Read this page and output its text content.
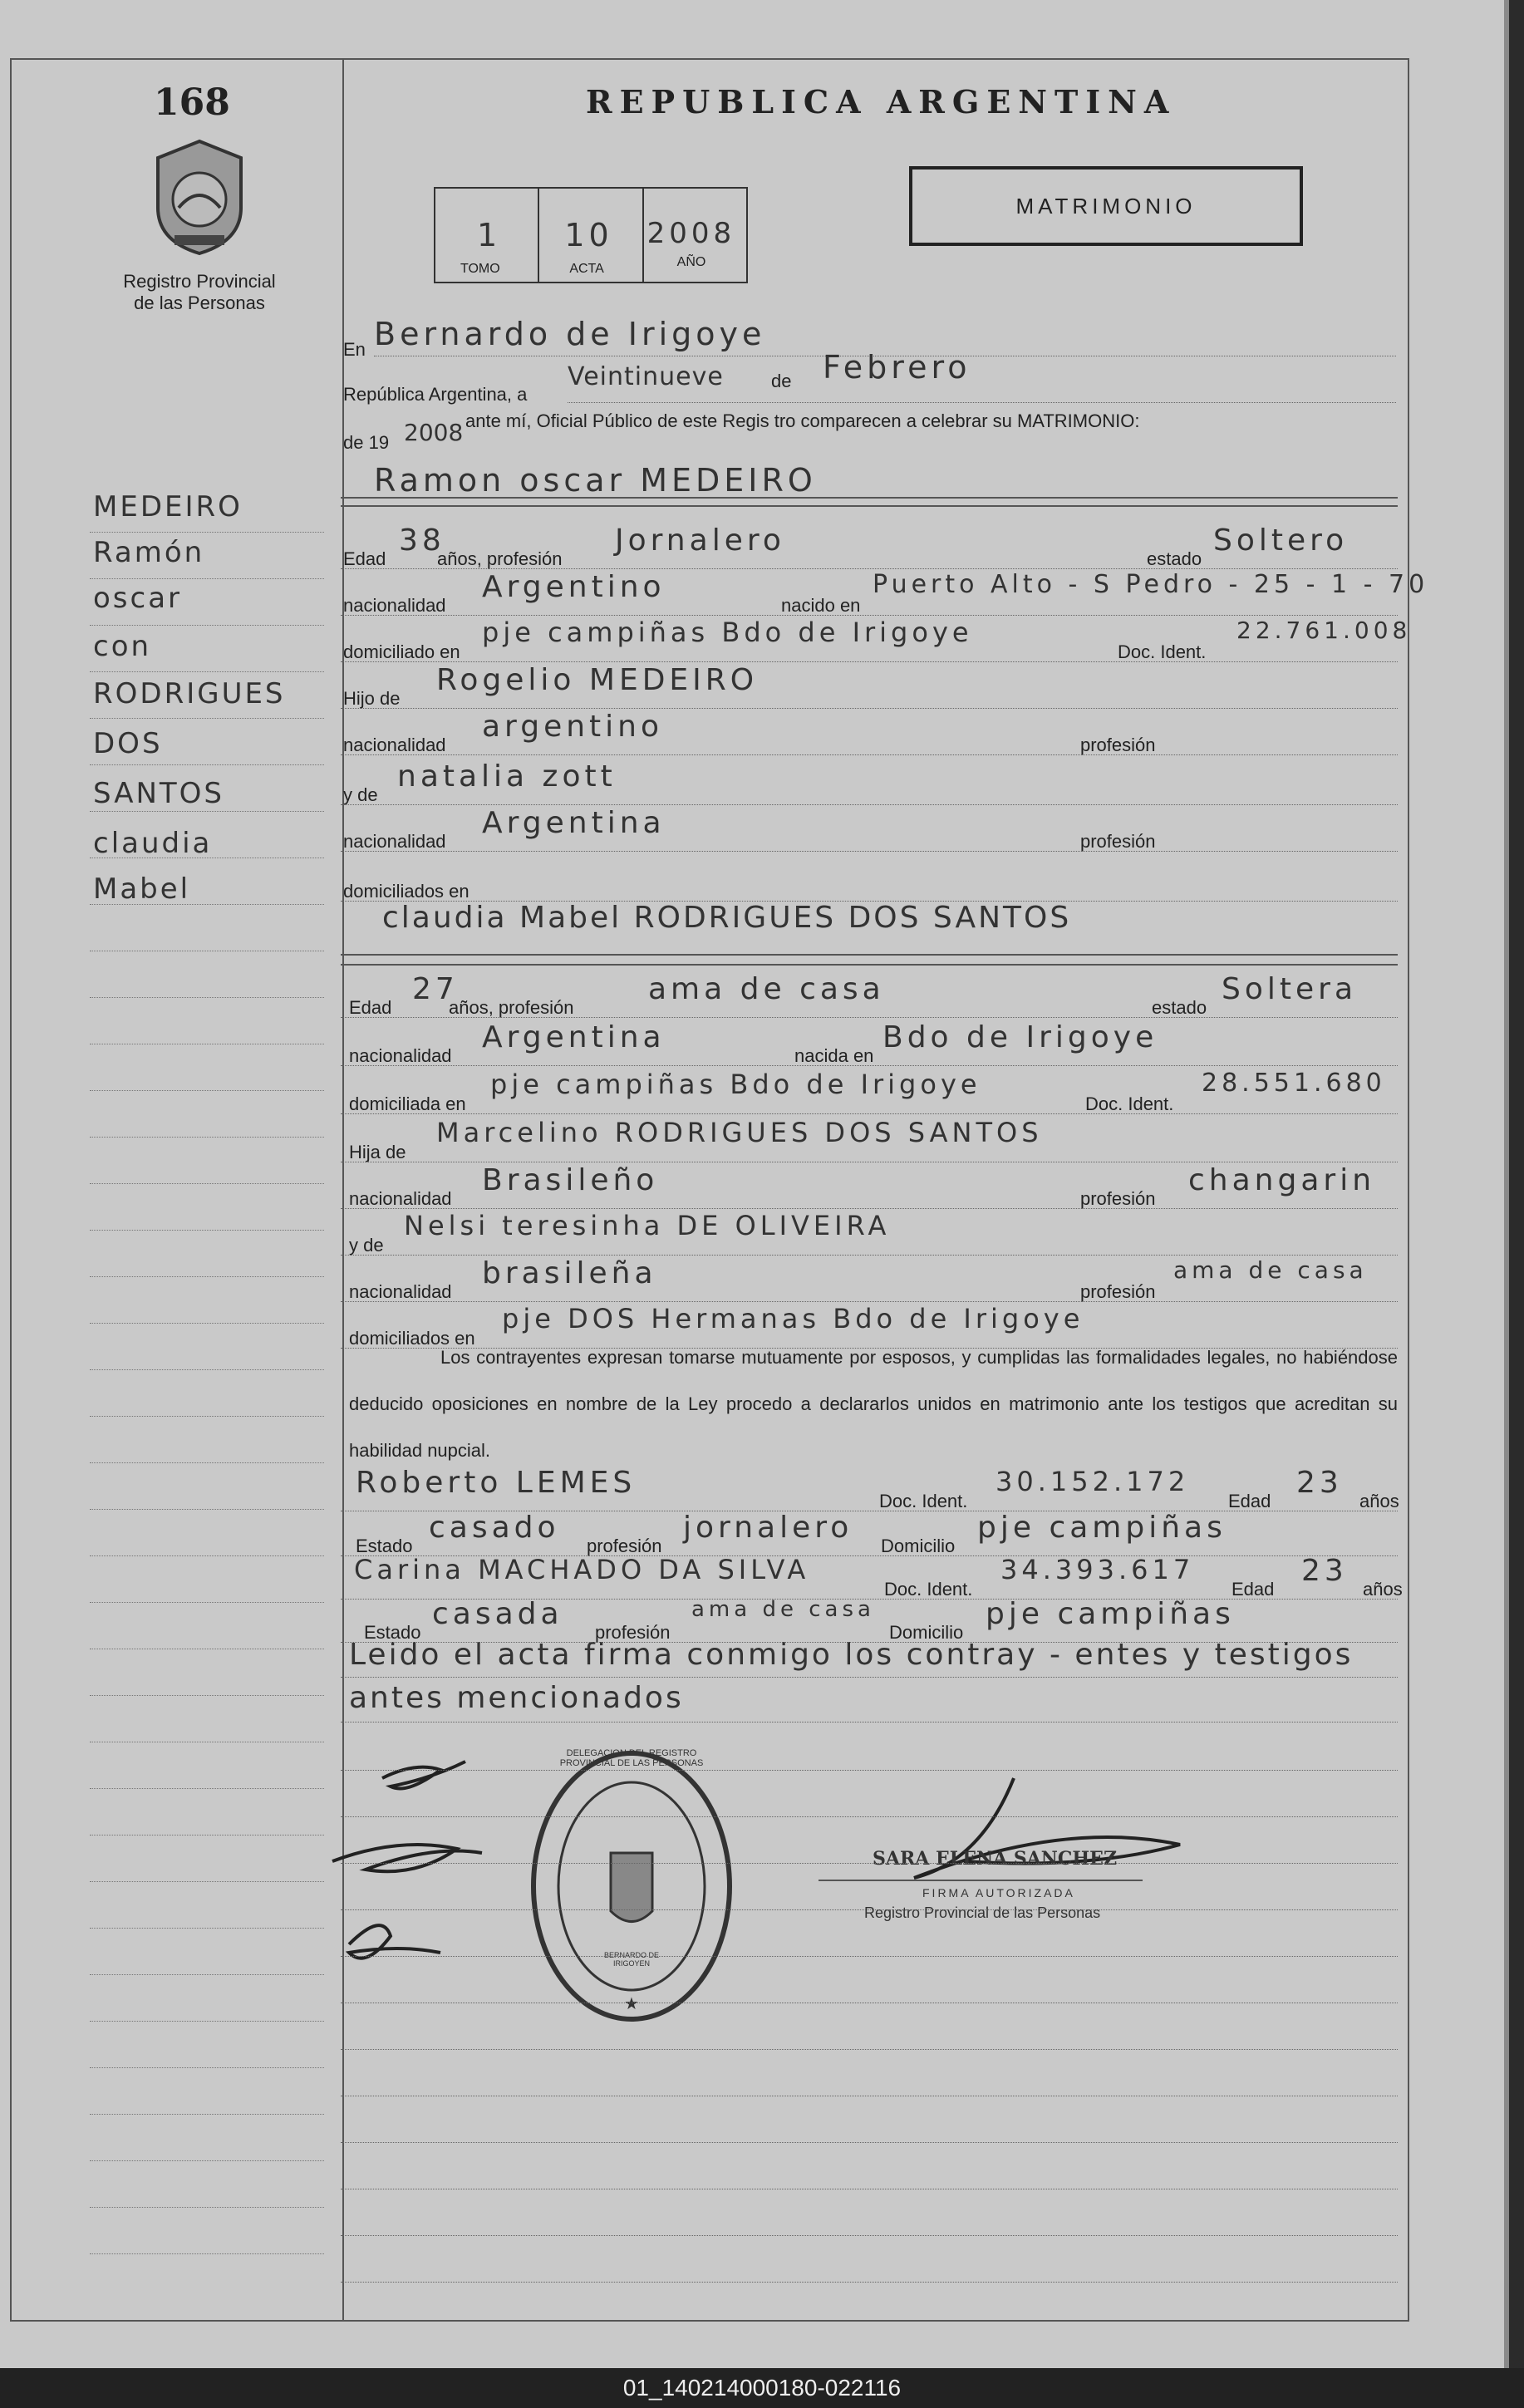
168
Registro Provincial
de las Personas
REPUBLICA ARGENTINA
1
TOMO
10
ACTA
2008
AÑO
MATRIMONIO
En Bernardo de Irigoye
República Argentina, a
Veintinueve	de Febrero
de 19 2008 ante mí, Oficial Público de este Regis tro comparecen a celebrar su MATRIMONIO:
Ramon oscar MEDEIRO
claudia Mabel RODRIGUES DOS SANTOS
Los contrayentes expresan tomarse mutuamente por esposos, y cumplidas las formalidades legales, no habiéndose deducido oposiciones en nombre de la Ley procedo a declararlos unidos en matrimonio ante los testigos que acreditan su habilidad nupcial.
Leido el acta firma conmigo los contray - entes y testigos antes mencionados
★
DELEGACION DEL REGISTRO PROVINCIAL DE LAS PERSONAS
BERNARDO DE IRIGOYEN
SARA ELENA SANCHEZ
FIRMA AUTORIZADA
Registro Provincial de las Personas
MEDEIRO
Ramón
oscar
con
RODRIGUES
DOS
SANTOS
claudia
Mabel
Edad
38
años, profesión
Jornalero
estado
Soltero
nacionalidad
Argentino
nacido en
Puerto Alto - S Pedro - 25 - 1 - 70
domiciliado en
pje campiñas Bdo de Irigoye
Doc. Ident.
22.761.008
Hijo de
Rogelio MEDEIRO
nacionalidad
argentino
profesión
y de
natalia zott
nacionalidad
Argentina
profesión
domiciliados en
Edad
27
años, profesión
ama de casa
estado
Soltera
nacionalidad
Argentina
nacida en
Bdo de Irigoye
domiciliada en
pje campiñas Bdo de Irigoye
Doc. Ident.
28.551.680
Hija de
Marcelino RODRIGUES DOS SANTOS
nacionalidad
Brasileño
profesión
changarin
y de
Nelsi teresinha DE OLIVEIRA
nacionalidad
brasileña
profesión
ama de casa
domiciliados en
pje DOS Hermanas Bdo de Irigoye
Roberto LEMES
Doc. Ident.
30.152.172
Edad
23
años
Estado
casado
profesión
jornalero
Domicilio
pje campiñas
Carina MACHADO DA SILVA
Doc. Ident.
34.393.617
Edad
23
años
Estado
casada
profesión
ama de casa
Domicilio
pje campiñas
01_140214000180-022116
